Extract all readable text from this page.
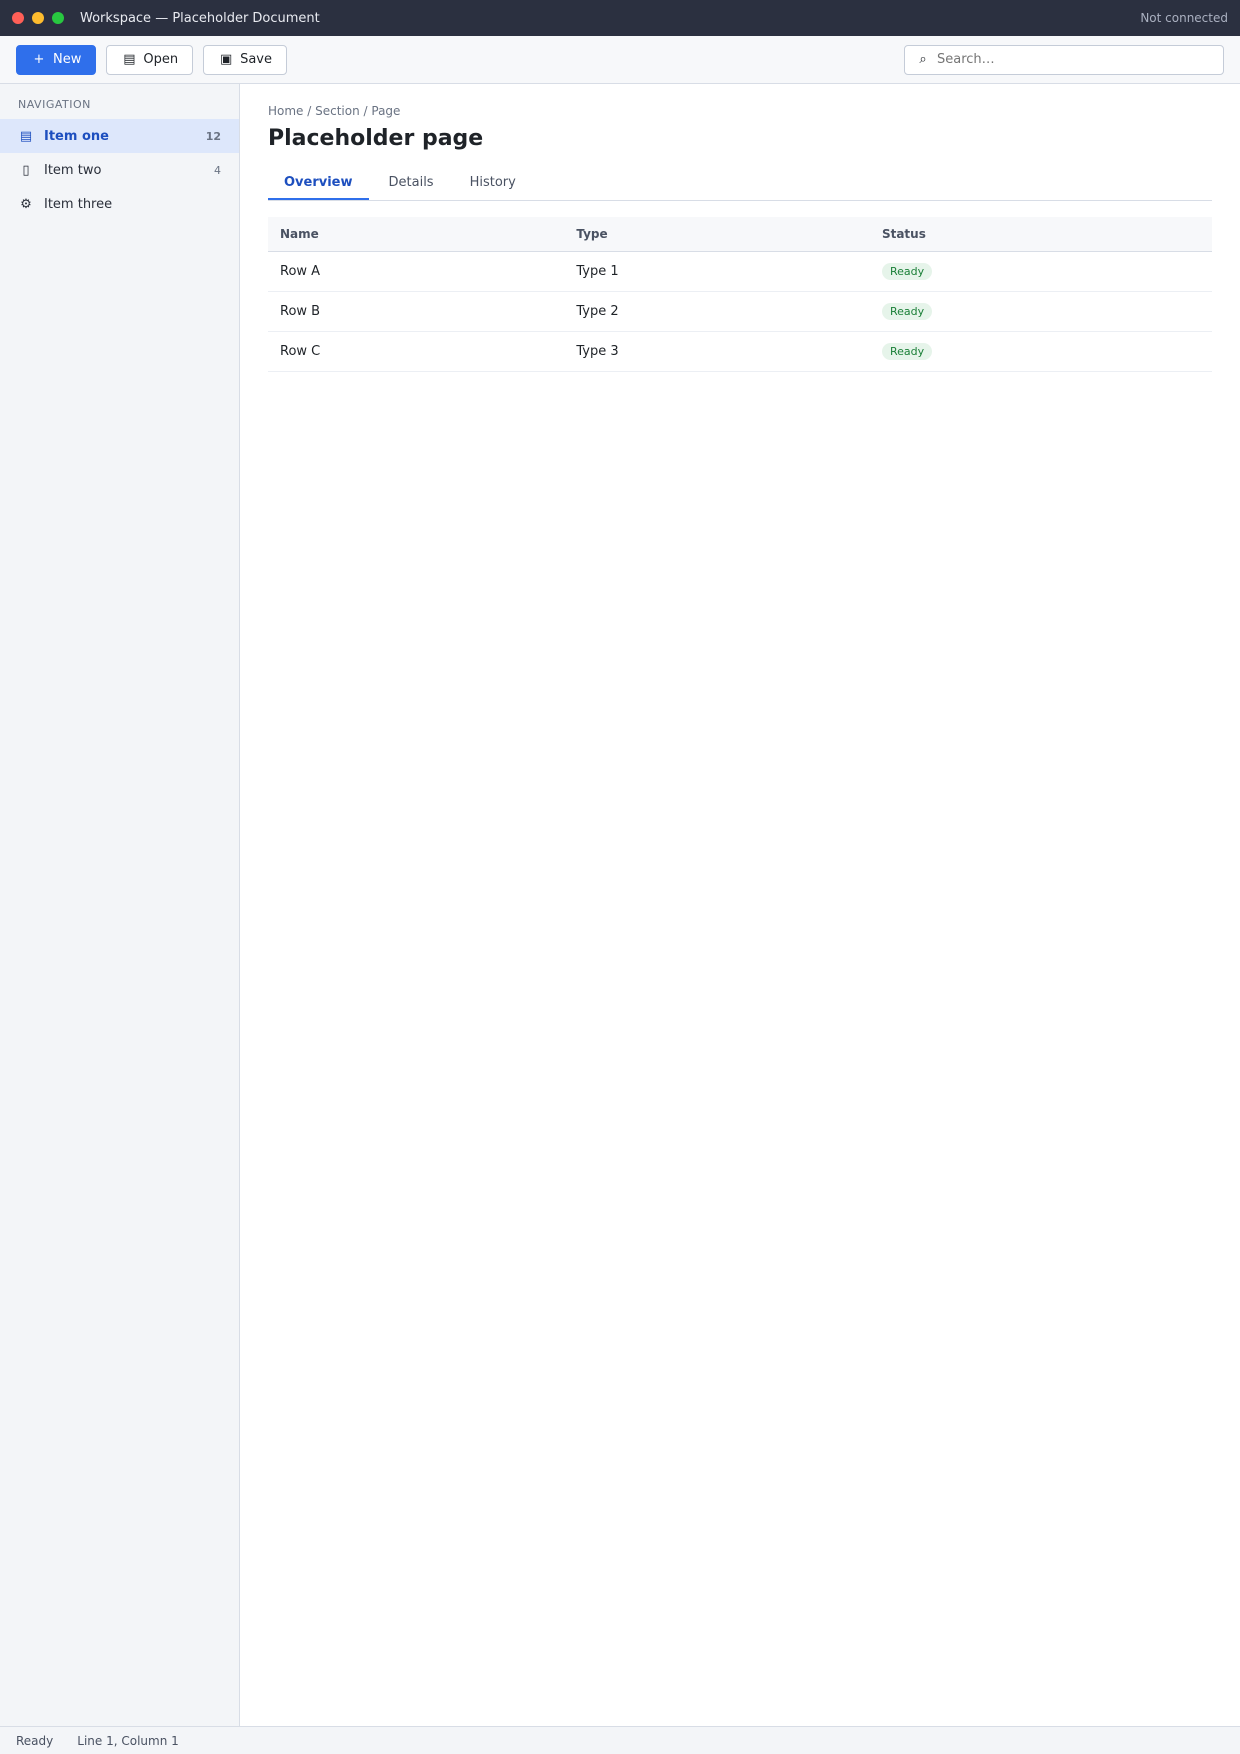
Workspace — Placeholder Document	Not connected
+ New	▤ Open	▣ Save	⌕
Search…
NAVIGATION
▤ Item one	12
▯	Item two	4
⚙ Item three
Home / Section / Page
Placeholder page
Overview	Details	History
Name	Type	Status
Row A	Type 1	Ready
Row B	Type 2	Ready
Row C	Type 3	Ready
Ready Line 1, Column 1
